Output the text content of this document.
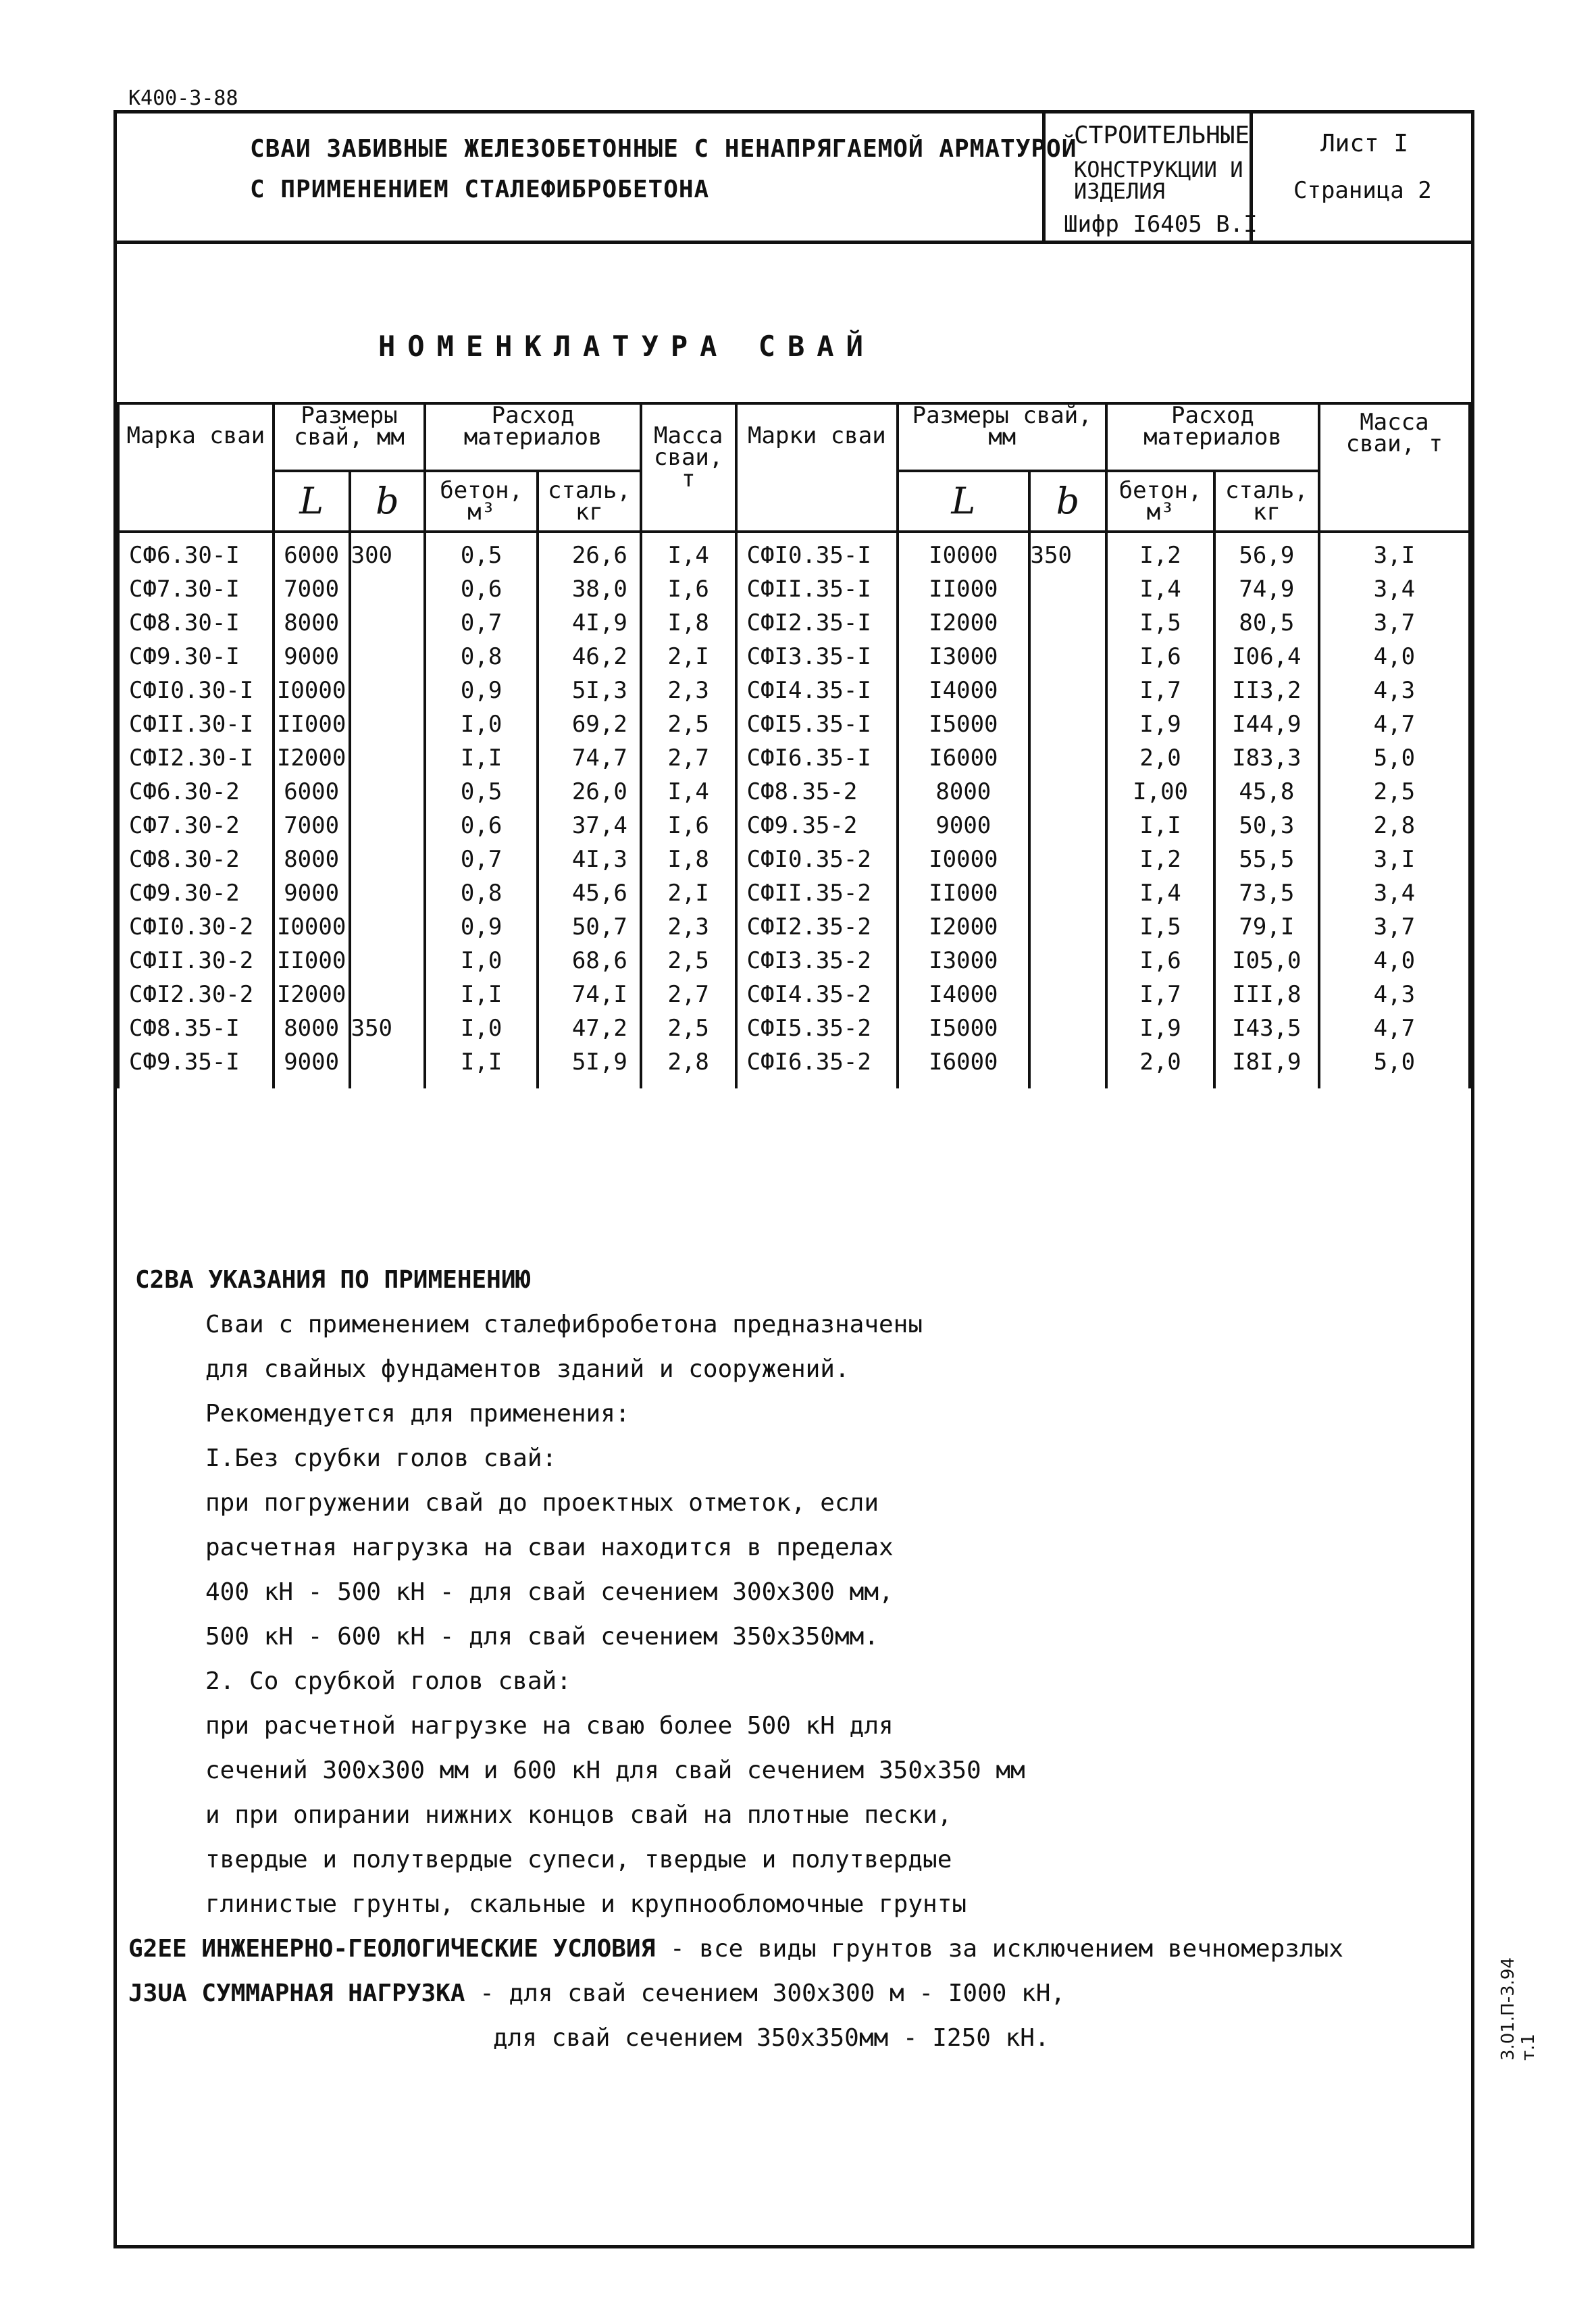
К400-3-88
СВАИ ЗАБИВНЫЕ ЖЕЛЕЗОБЕТОННЫЕ С НЕНАПРЯГАЕМОЙ АРМАТУРОЙ
С ПРИМЕНЕНИЕМ СТАЛЕФИБРОБЕТОНА
СТРОИТЕЛЬНЫЕ
КОНСТРУКЦИИ И ИЗДЕЛИЯ
Шифр I6405 В.I
Лист I
Страница 2
НОМЕНКЛАТУРА СВАЙ
Марка сваи	Размеры свай, мм		Расход материалов		Масса сваи, т	Марки сваи	Размеры свай, мм		Расход материалов		Масса сваи, т
	L	b	бетон, м³	сталь, кг			L	b	бетон, м³	сталь, кг	
СФ6.30-I	6000	300	0,5	26,6	I,4	СФI0.35-I	I0000	350	I,2	56,9	3,I
СФ7.30-I	7000		0,6	38,0	I,6	СФII.35-I	II000		I,4	74,9	3,4
СФ8.30-I	8000		0,7	4I,9	I,8	СФI2.35-I	I2000		I,5	80,5	3,7
СФ9.30-I	9000		0,8	46,2	2,I	СФI3.35-I	I3000		I,6	I06,4	4,0
СФI0.30-I	I0000		0,9	5I,3	2,3	СФI4.35-I	I4000		I,7	II3,2	4,3
СФII.30-I	II000		I,0	69,2	2,5	СФI5.35-I	I5000		I,9	I44,9	4,7
СФI2.30-I	I2000		I,I	74,7	2,7	СФI6.35-I	I6000		2,0	I83,3	5,0
СФ6.30-2	6000		0,5	26,0	I,4	СФ8.35-2	8000		I,00	45,8	2,5
СФ7.30-2	7000		0,6	37,4	I,6	СФ9.35-2	9000		I,I	50,3	2,8
СФ8.30-2	8000		0,7	4I,3	I,8	СФI0.35-2	I0000		I,2	55,5	3,I
СФ9.30-2	9000		0,8	45,6	2,I	СФII.35-2	II000		I,4	73,5	3,4
СФI0.30-2	I0000		0,9	50,7	2,3	СФI2.35-2	I2000		I,5	79,I	3,7
СФII.30-2	II000		I,0	68,6	2,5	СФI3.35-2	I3000		I,6	I05,0	4,0
СФI2.30-2	I2000		I,I	74,I	2,7	СФI4.35-2	I4000		I,7	III,8	4,3
СФ8.35-I	8000	350	I,0	47,2	2,5	СФI5.35-2	I5000		I,9	I43,5	4,7
СФ9.35-I	9000		I,I	5I,9	2,8	СФI6.35-2	I6000		2,0	I8I,9	5,0
С2ВА УКАЗАНИЯ ПО ПРИМЕНЕНИЮ
Сваи с применением сталефибробетона предназначены
для свайных фундаментов зданий и сооружений.
Рекомендуется для применения:
I.Без срубки голов свай:
при погружении свай до проектных отметок, если
расчетная нагрузка на сваи находится в пределах
400 кН - 500 кН - для свай сечением 300х300 мм,
500 кН - 600 кН - для свай сечением 350х350мм.
2. Со срубкой голов свай:
при расчетной нагрузке на сваю более 500 кН для
сечений 300х300 мм и 600 кН для свай сечением 350х350 мм
и при опирании нижних концов свай на плотные пески,
твердые и полутвердые супеси, твердые и полутвердые
глинистые грунты, скальные и крупнообломочные грунты
G2ЕЕ ИНЖЕНЕРНО-ГЕОЛОГИЧЕСКИЕ УСЛОВИЯ - все виды грунтов за исключением вечномерзлых
J3UA СУММАРНАЯ НАГРУЗКА - для свай сечением 300х300 м - I000 кН,
для свай сечением 350х350мм - I250 кН.	3.01.П-3.94 т.1
